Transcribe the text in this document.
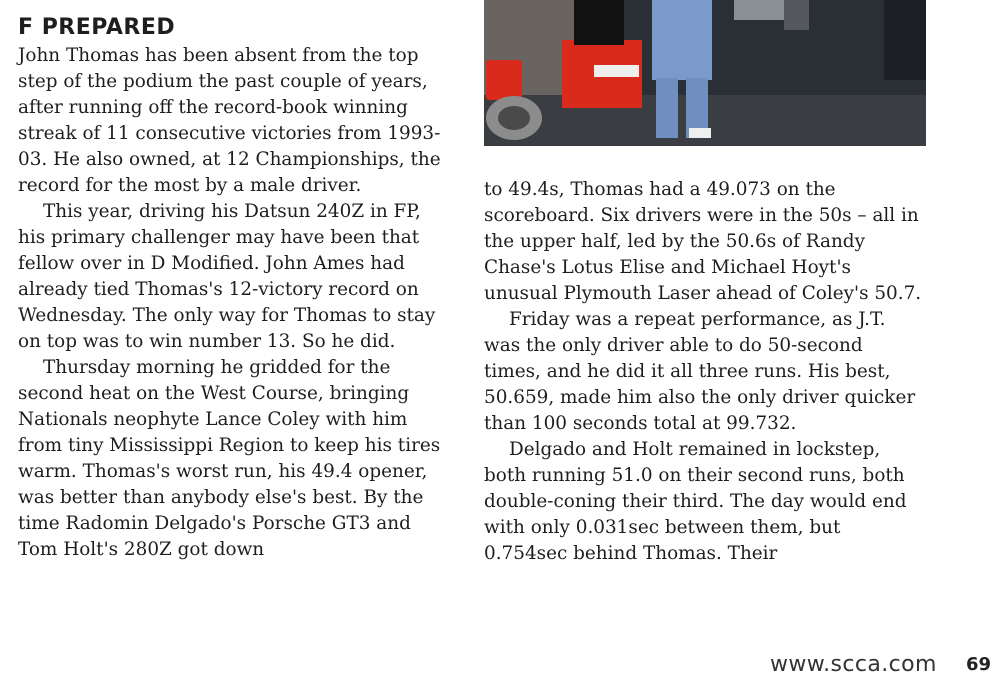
F PREPARED

John Thomas has been absent from the top step of the podium the past couple of years, after running off the record-book winning streak of 11 consecutive victories from 1993-03. He also owned, at 12 Championships, the record for the most by a male driver.

This year, driving his Datsun 240Z in FP, his primary challenger may have been that fellow over in D Modified. John Ames had already tied Thomas's 12-victory record on Wednesday. The only way for Thomas to stay on top was to win number 13. So he did.

Thursday morning he gridded for the second heat on the West Course, bringing Nationals neophyte Lance Coley with him from tiny Mississippi Region to keep his tires warm. Thomas's worst run, his 49.4 opener, was better than anybody else's best. By the time Radomin Delgado's Porsche GT3 and Tom Holt's 280Z got down

to 49.4s, Thomas had a 49.073 on the scoreboard. Six drivers were in the 50s – all in the upper half, led by the 50.6s of Randy Chase's Lotus Elise and Michael Hoyt's unusual Plymouth Laser ahead of Coley's 50.7.

Friday was a repeat performance, as J.T. was the only driver able to do 50-second times, and he did it all three runs. His best, 50.659, made him also the only driver quicker than 100 seconds total at 99.732.

Delgado and Holt remained in lockstep, both running 51.0 on their second runs, both double-coning their third. The day would end with only 0.031sec between them, but 0.754sec behind Thomas. Their

www.scca.com 69
